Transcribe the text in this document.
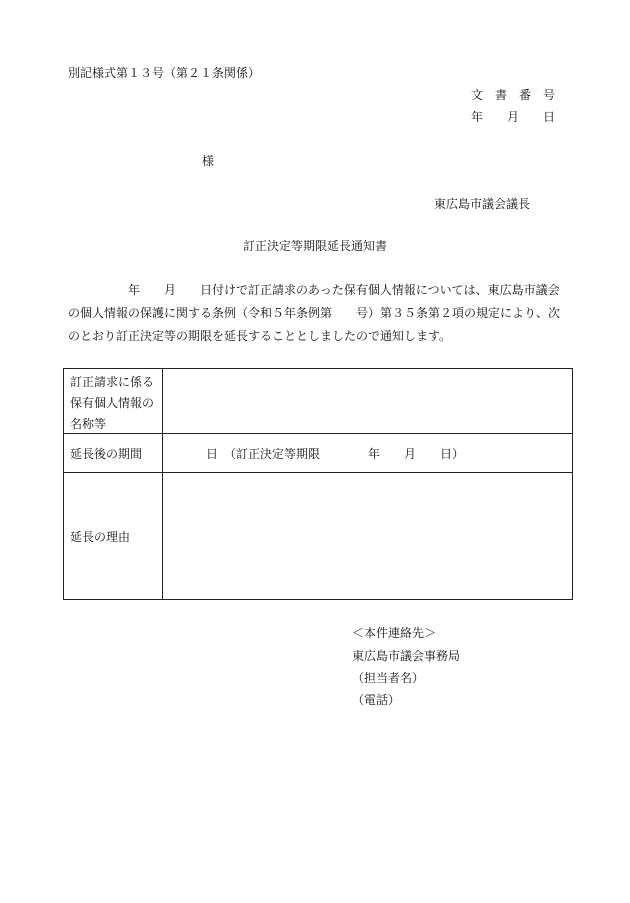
別記様式第１３号（第２１条関係）
文　書　番　号
年　　月　　日
様
東広島市議会議長
訂正決定等期限延長通知書
　　　　　年　　月　　日付けで訂正請求のあった保有個人情報については、東広島市議会
の個人情報の保護に関する条例（令和５年条例第　　号）第３５条第２項の規定により、次
のとおり訂正決定等の期限を延長することとしましたので通知します。
訂正請求に係る
保有個人情報の
名称等
延長後の期間	日　（訂正決定等期限　　　　年　　月　　日）
延長の理由
＜本件連絡先＞
東広島市議会事務局
（担当者名）
（電話）
